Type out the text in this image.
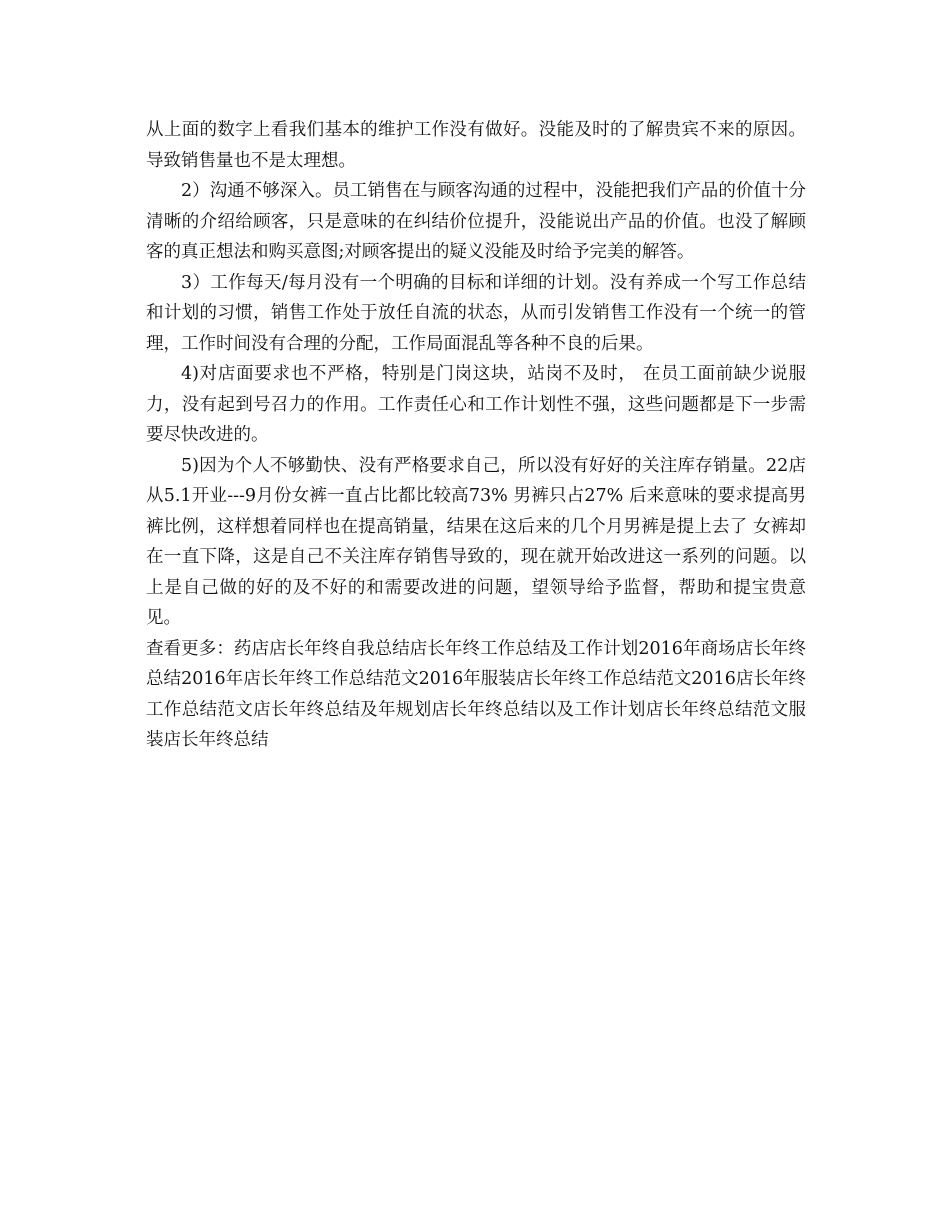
从上面的数字上看我们基本的维护工作没有做好。没能及时的了解贵宾不来的原因。导致销售量也不是太理想。

2）沟通不够深入。员工销售在与顾客沟通的过程中，没能把我们产品的价值十分清晰的介绍给顾客，只是意味的在纠结价位提升，没能说出产品的价值。也没了解顾客的真正想法和购买意图;对顾客提出的疑义没能及时给予完美的解答。

3）工作每天/每月没有一个明确的目标和详细的计划。没有养成一个写工作总结和计划的习惯，销售工作处于放任自流的状态，从而引发销售工作没有一个统一的管理，工作时间没有合理的分配，工作局面混乱等各种不良的后果。

4)对店面要求也不严格，特别是门岗这块，站岗不及时， 在员工面前缺少说服力，没有起到号召力的作用。工作责任心和工作计划性不强，这些问题都是下一步需要尽快改进的。

5)因为个人不够勤快、没有严格要求自己，所以没有好好的关注库存销量。22店从5.1开业---9月份女裤一直占比都比较高73% 男裤只占27% 后来意味的要求提高男裤比例，这样想着同样也在提高销量，结果在这后来的几个月男裤是提上去了 女裤却在一直下降，这是自己不关注库存销售导致的，现在就开始改进这一系列的问题。以上是自己做的好的及不好的和需要改进的问题，望领导给予监督，帮助和提宝贵意见。

查看更多：药店店长年终自我总结店长年终工作总结及工作计划2016年商场店长年终总结2016年店长年终工作总结范文2016年服装店长年终工作总结范文2016店长年终工作总结范文店长年终总结及年规划店长年终总结以及工作计划店长年终总结范文服装店长年终总结
